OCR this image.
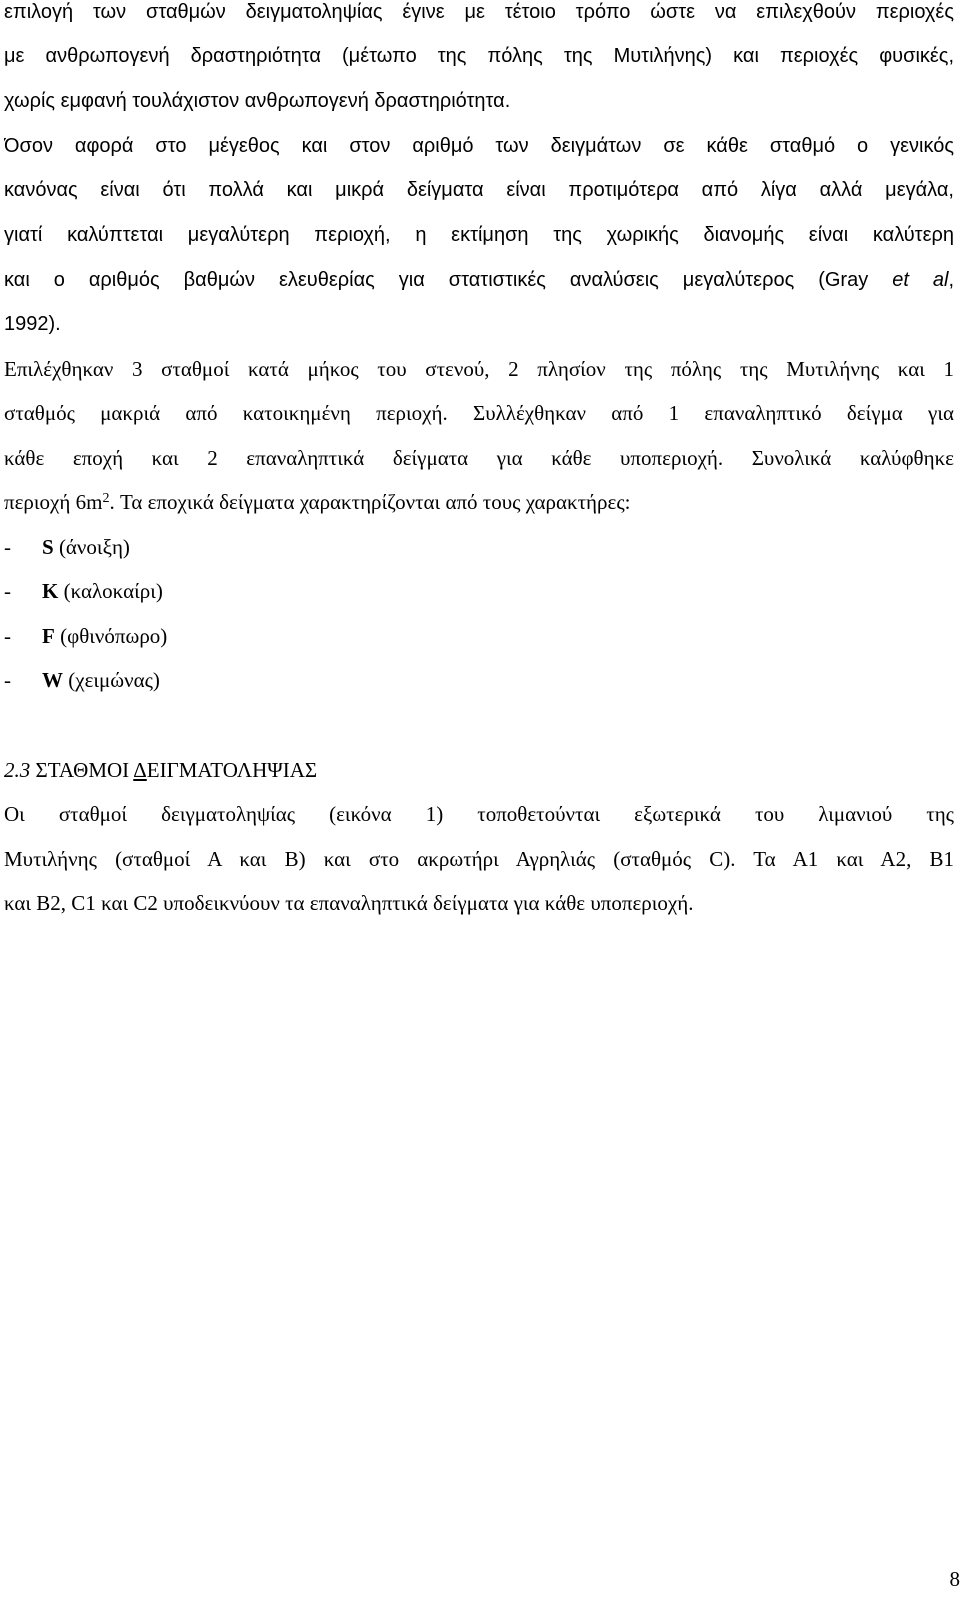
επιλογή των σταθμών δειγματοληψίας έγινε με τέτοιο τρόπο ώστε να επιλεχθούν περιοχές
με ανθρωπογενή δραστηριότητα (μέτωπο της πόλης της Μυτιλήνης) και περιοχές φυσικές,
χωρίς εμφανή τουλάχιστον ανθρωπογενή δραστηριότητα.
Όσον αφορά στο μέγεθος και στον αριθμό των δειγμάτων σε κάθε σταθμό ο γενικός
κανόνας είναι ότι πολλά και μικρά δείγματα είναι προτιμότερα από λίγα αλλά μεγάλα,
γιατί καλύπτεται μεγαλύτερη περιοχή, η εκτίμηση της χωρικής διανομής είναι καλύτερη
και ο αριθμός βαθμών ελευθερίας για στατιστικές αναλύσεις μεγαλύτερος (Gray et al,
1992).
Επιλέχθηκαν 3 σταθμοί κατά μήκος του στενού, 2 πλησίον της πόλης της Μυτιλήνης και 1
σταθμός μακριά από κατοικημένη περιοχή. Συλλέχθηκαν από 1 επαναληπτικό δείγμα για
κάθε εποχή και 2 επαναληπτικά δείγματα για κάθε υποπεριοχή. Συνολικά καλύφθηκε
περιοχή $6m^2$. Τα εποχικά δείγματα χαρακτηρίζονται από τους χαρακτήρες:
- S (άνοιξη)
- K (καλοκαίρι)
- F (φθινόπωρο)
- W (χειμώνας)
2.3 ΣΤΑΘΜΟΙ ΔΕΙΓΜΑΤΟΛΗΨΙΑΣ
Οι σταθμοί δειγματοληψίας (εικόνα 1) τοποθετούνται εξωτερικά του λιμανιού της
Μυτιλήνης (σταθμοί Α και Β) και στο ακρωτήρι Αγρηλιάς (σταθμός C). Τα Α1 και Α2, Β1
και Β2, C1 και C2 υποδεικνύουν τα επαναληπτικά δείγματα για κάθε υποπεριοχή.
8
